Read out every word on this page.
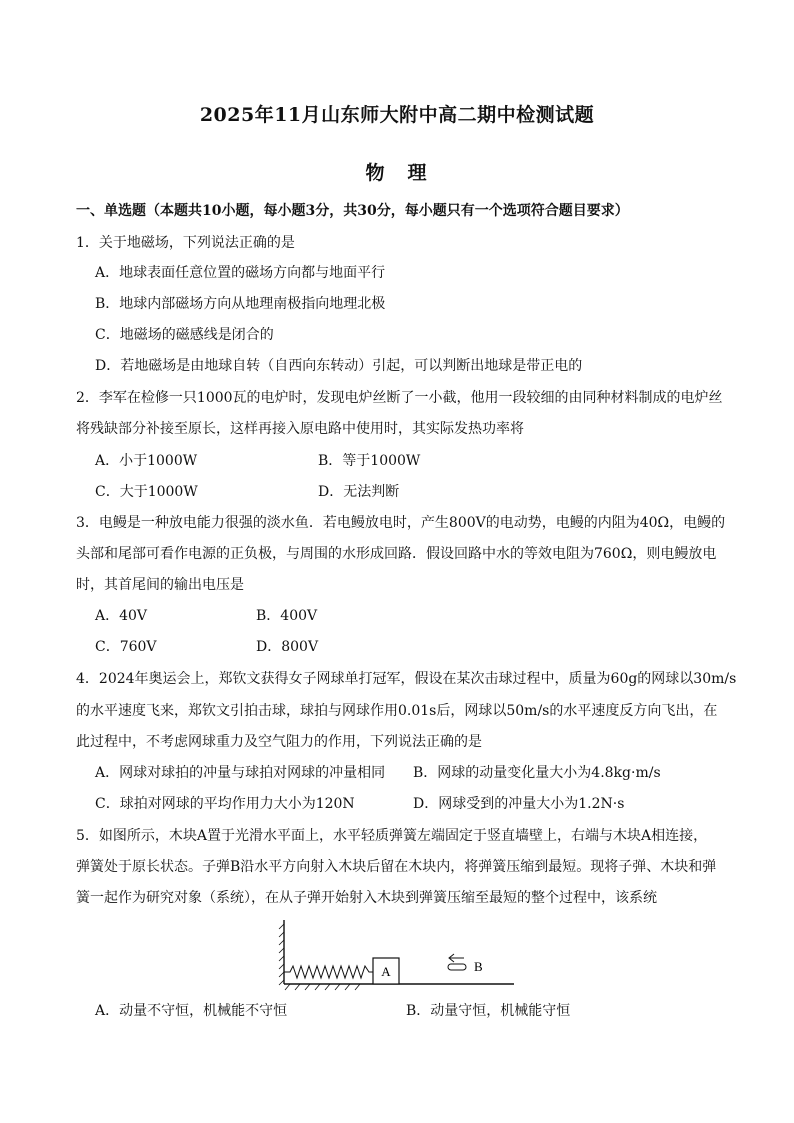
2025年11月山东师大附中高二期中检测试题
物　理
一、单选题（本题共10小题，每小题3分，共30分，每小题只有一个选项符合题目要求）
1．关于地磁场，下列说法正确的是
A．地球表面任意位置的磁场方向都与地面平行
B．地球内部磁场方向从地理南极指向地理北极
C．地磁场的磁感线是闭合的
D．若地磁场是由地球自转（自西向东转动）引起，可以判断出地球是带正电的
2．李军在检修一只1000瓦的电炉时，发现电炉丝断了一小截，他用一段较细的由同种材料制成的电炉丝
将残缺部分补接至原长，这样再接入原电路中使用时，其实际发热功率将
A．小于1000W	B．等于1000W
C．大于1000W	D．无法判断
3．电鳗是一种放电能力很强的淡水鱼．若电鳗放电时，产生800V的电动势，电鳗的内阻为40Ω，电鳗的
头部和尾部可看作电源的正负极，与周围的水形成回路．假设回路中水的等效电阻为760Ω，则电鳗放电
时，其首尾间的输出电压是
A．40V	B．400V
C．760V	D．800V
4．2024年奥运会上，郑钦文获得女子网球单打冠军，假设在某次击球过程中，质量为60g的网球以30m/s
的水平速度飞来，郑钦文引拍击球，球拍与网球作用0.01s后，网球以50m/s的水平速度反方向飞出，在
此过程中，不考虑网球重力及空气阻力的作用，下列说法正确的是
A．网球对球拍的冲量与球拍对网球的冲量相同 B．网球的动量变化量大小为4.8kg·m/s
C．球拍对网球的平均作用力大小为120N	D．网球受到的冲量大小为1.2N·s
5．如图所示，木块A置于光滑水平面上，水平轻质弹簧左端固定于竖直墙壁上，右端与木块A相连接，
弹簧处于原长状态。子弹B沿水平方向射入木块后留在木块内，将弹簧压缩到最短。现将子弹、木块和弹
簧一起作为研究对象（系统），在从子弹开始射入木块到弹簧压缩至最短的整个过程中，该系统
A	B
A．动量不守恒，机械能不守恒	B．动量守恒，机械能守恒
